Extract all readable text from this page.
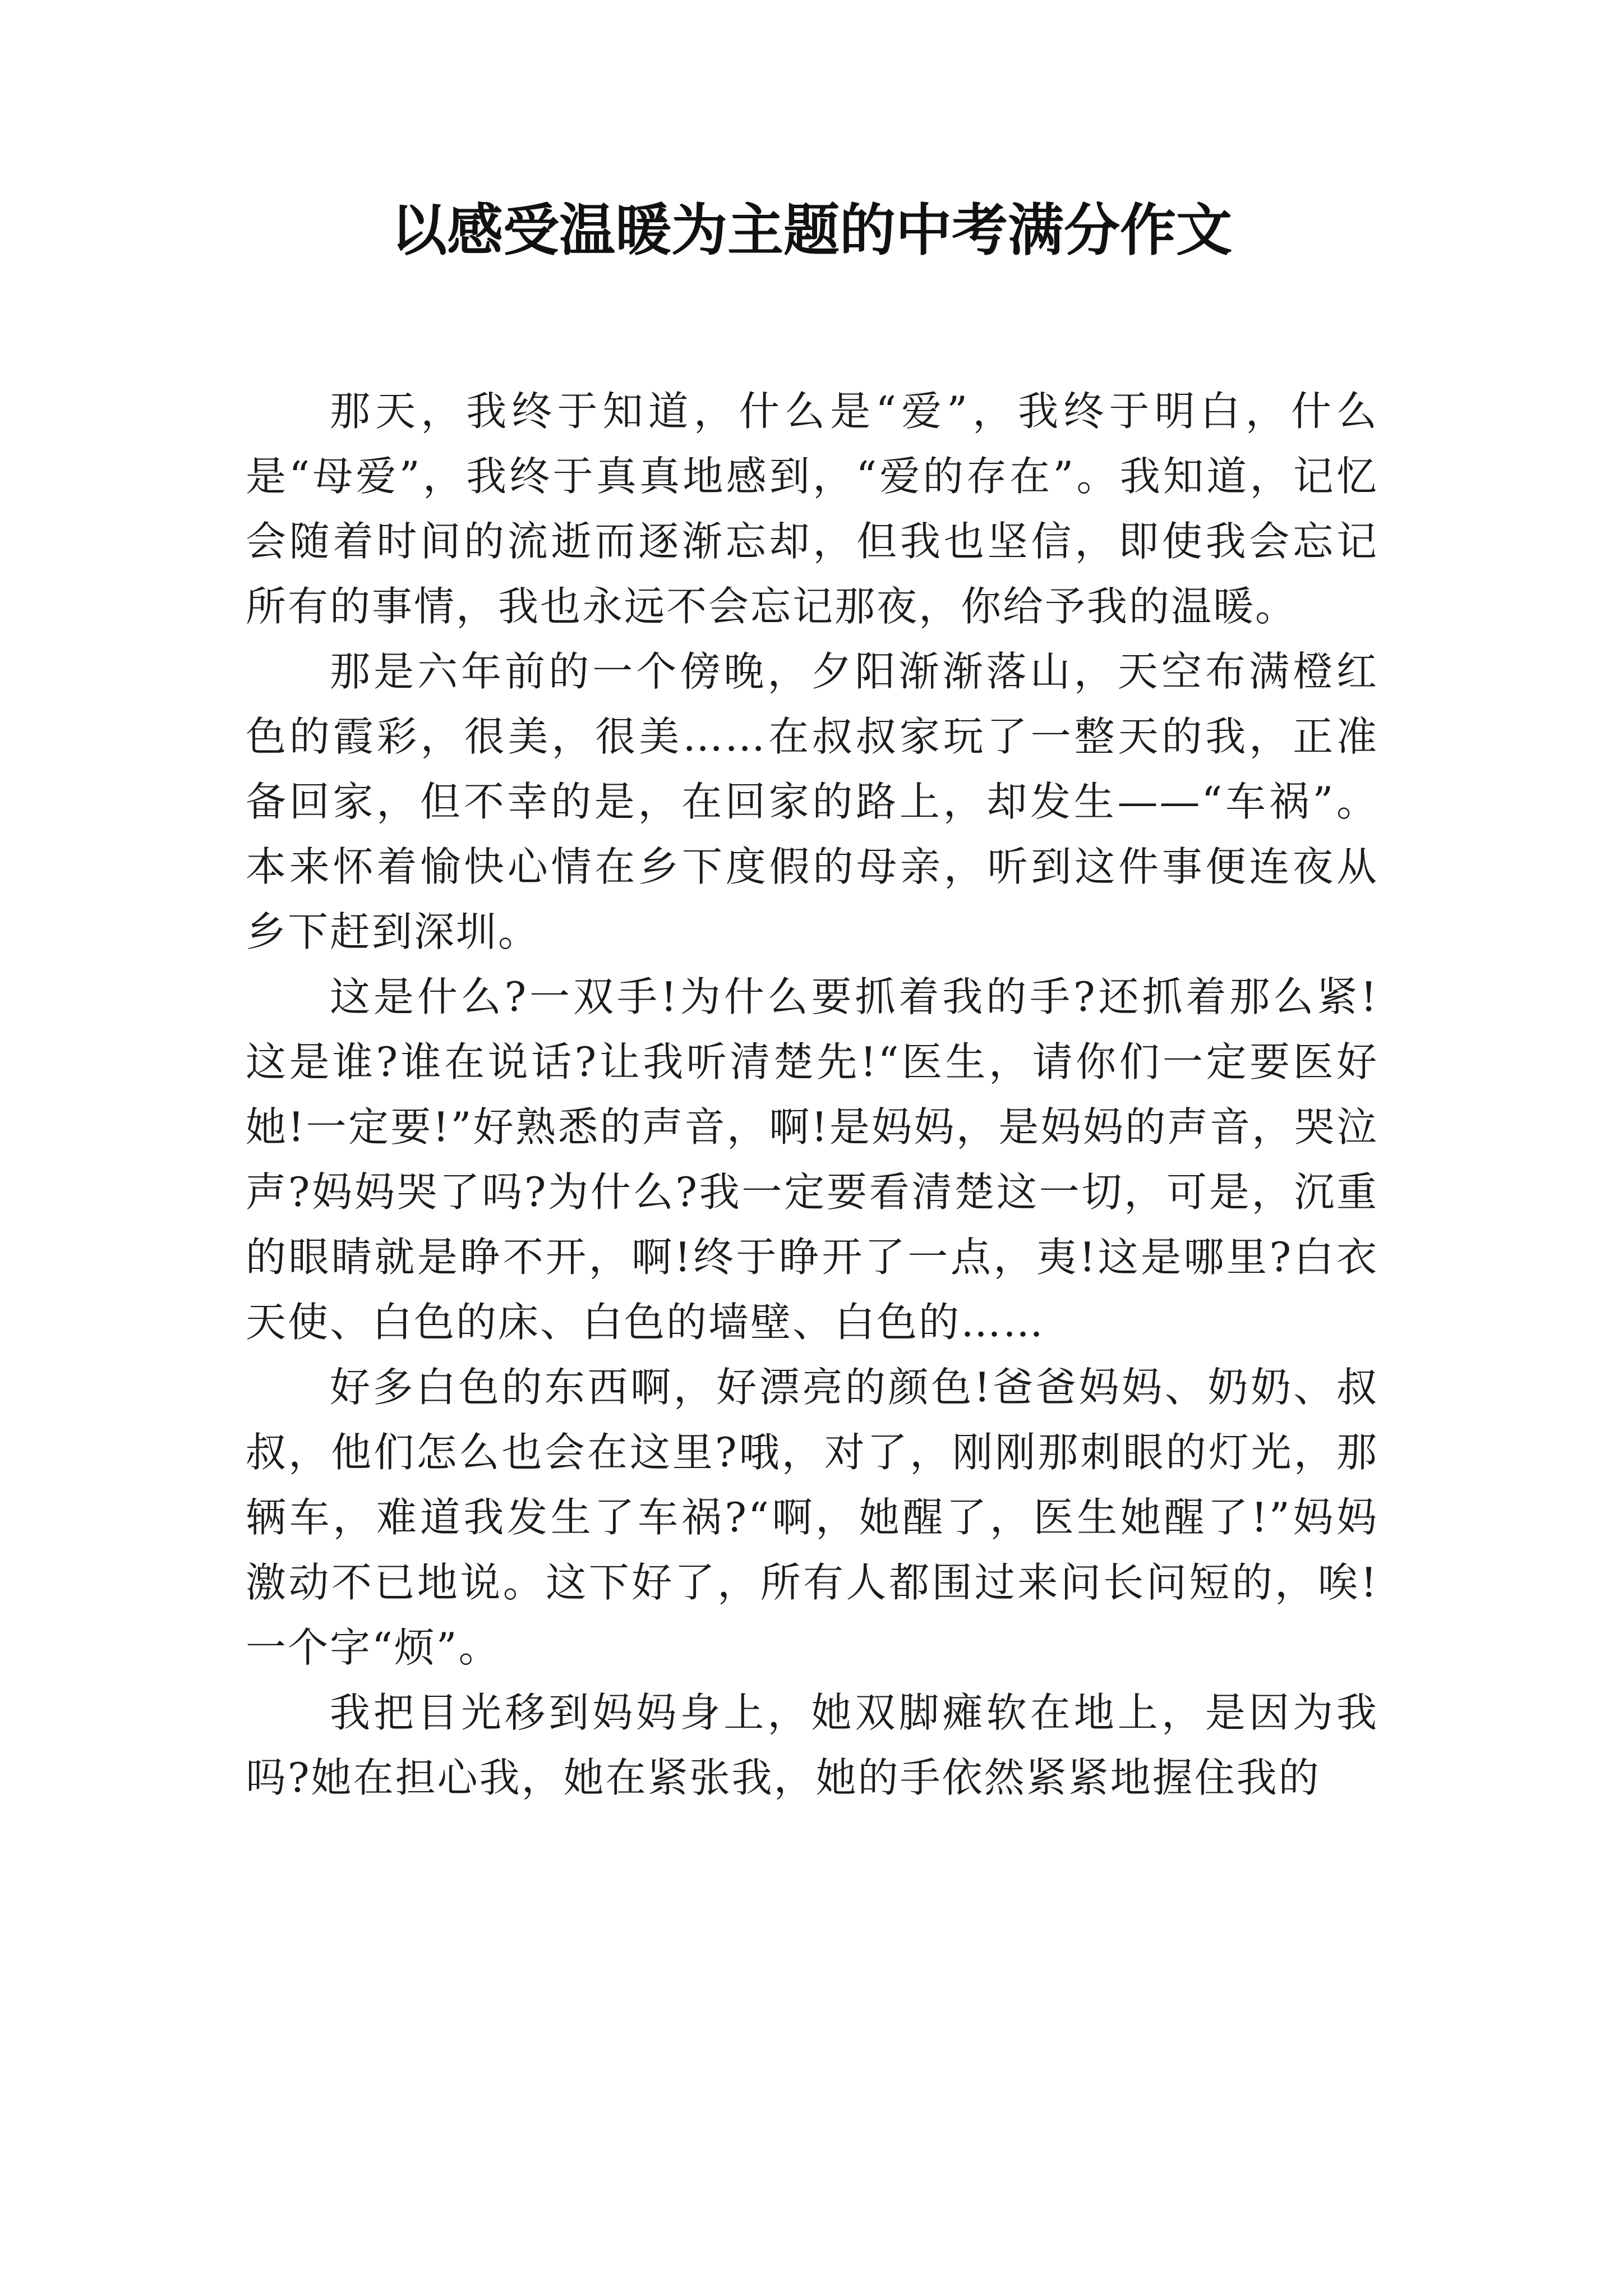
以感受温暖为主题的中考满分作文

那天，我终于知道，什么是“爱”，我终于明白，什么是“母爱”，我终于真真地感到，“爱的存在”。我知道，记忆会随着时间的流逝而逐渐忘却，但我也坚信，即使我会忘记所有的事情，我也永远不会忘记那夜，你给予我的温暖。

那是六年前的一个傍晚，夕阳渐渐落山，天空布满橙红色的霞彩，很美，很美……在叔叔家玩了一整天的我，正准备回家，但不幸的是，在回家的路上，却发生——“车祸”。本来怀着愉快心情在乡下度假的母亲，听到这件事便连夜从乡下赶到深圳。

这是什么?一双手!为什么要抓着我的手?还抓着那么紧!这是谁?谁在说话?让我听清楚先!“医生，请你们一定要医好她!一定要!”好熟悉的声音，啊!是妈妈，是妈妈的声音，哭泣声?妈妈哭了吗?为什么?我一定要看清楚这一切，可是，沉重的眼睛就是睁不开，啊!终于睁开了一点，夷!这是哪里?白衣天使、白色的床、白色的墙壁、白色的……

好多白色的东西啊，好漂亮的颜色!爸爸妈妈、奶奶、叔叔，他们怎么也会在这里?哦，对了，刚刚那刺眼的灯光，那辆车，难道我发生了车祸?“啊，她醒了，医生她醒了!”妈妈激动不已地说。这下好了，所有人都围过来问长问短的，唉!一个字“烦”。

我把目光移到妈妈身上，她双脚瘫软在地上，是因为我吗?她在担心我，她在紧张我，她的手依然紧紧地握住我的
